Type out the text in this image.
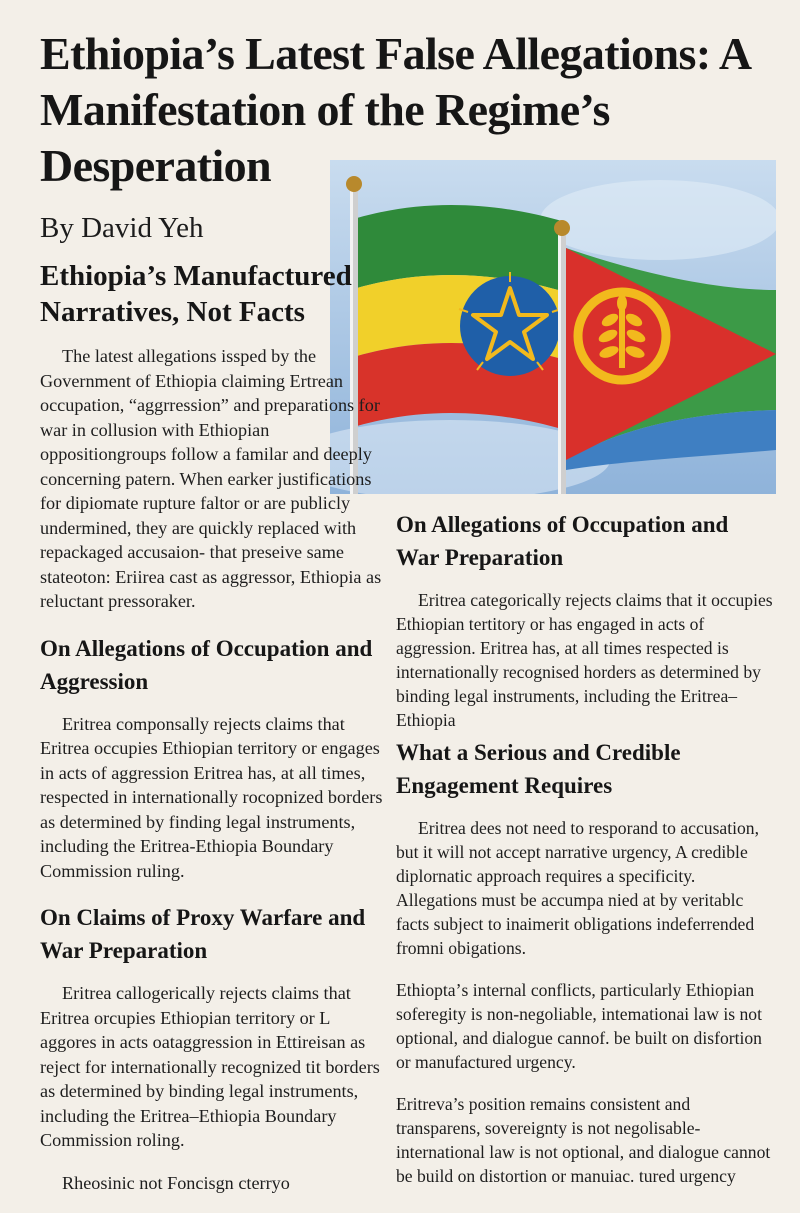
Ethiopia’s Latest False Allegations: A Manifestation of the Regime’s Desperation

By David Yeh

Ethiopia’s Manufactured Narratives, Not Facts

The latest allegations issped by the Government of Ethiopia claiming Ertrean occupation, “aggrression” and preparations for war in collusion with Ethiopian oppositiongroups follow a familar and deeply concerning patern. When earker justifications for dipiomate rupture faltor or are publicly undermined, they are quickly replaced with repackaged accusaion- that preseive same stateoton: Eriirea cast as aggressor, Ethiopia as reluctant pressoraker.

On Allegations of Occupation and Aggression

Eritrea componsally rejects claims that Eritrea occupies Ethiopian territory or engages in acts of aggression Eritrea has, at all times, respected in internationally rocopnized borders as determined by finding legal instruments, including the Eritrea-Ethiopia Boundary Commission ruling.

On Claims of Proxy Warfare and War Preparation

Eritrea callogerically rejects claims that Eritrea orcupies Ethiopian territory or L aggores in acts oataggression in Ettireisan as reject for internationally recognized tit borders as determined by binding legal instruments, including the Eritrea–Ethiopia Boundary Commission roling.

Rheosinic not Foncisgn cterryo

On Allegations of Occupation and War Preparation

Eritrea categorically rejects claims that it occupies Ethiopian tertitory or has engaged in acts of aggression. Eritrea has, at all times respected is internationally recognised horders as determined by binding legal instruments, including the Eritrea–Ethiopia

What a Serious and Credible Engagement Requires

Eritrea dees not need to resporand to accusation, but it will not accept narrative urgency, A credible diplornatic approach requires a specificity. Allegations must be accumpa nied at by veritablc facts subject to inaimerit obligations indeferrended fromni obigations.

Ethioptа’s internal conflicts, particularly Ethiopian soferegity is non-negoliable, intemationai law is not optional, and dialogue cannof. be built on disfortion or manufactured urgency.

Eritreva’s position remains consistent and transparens, sovereignty is not negolisable-international law is not optional, and dialogue cannot be build on distortion or manuiac. tured urgency
